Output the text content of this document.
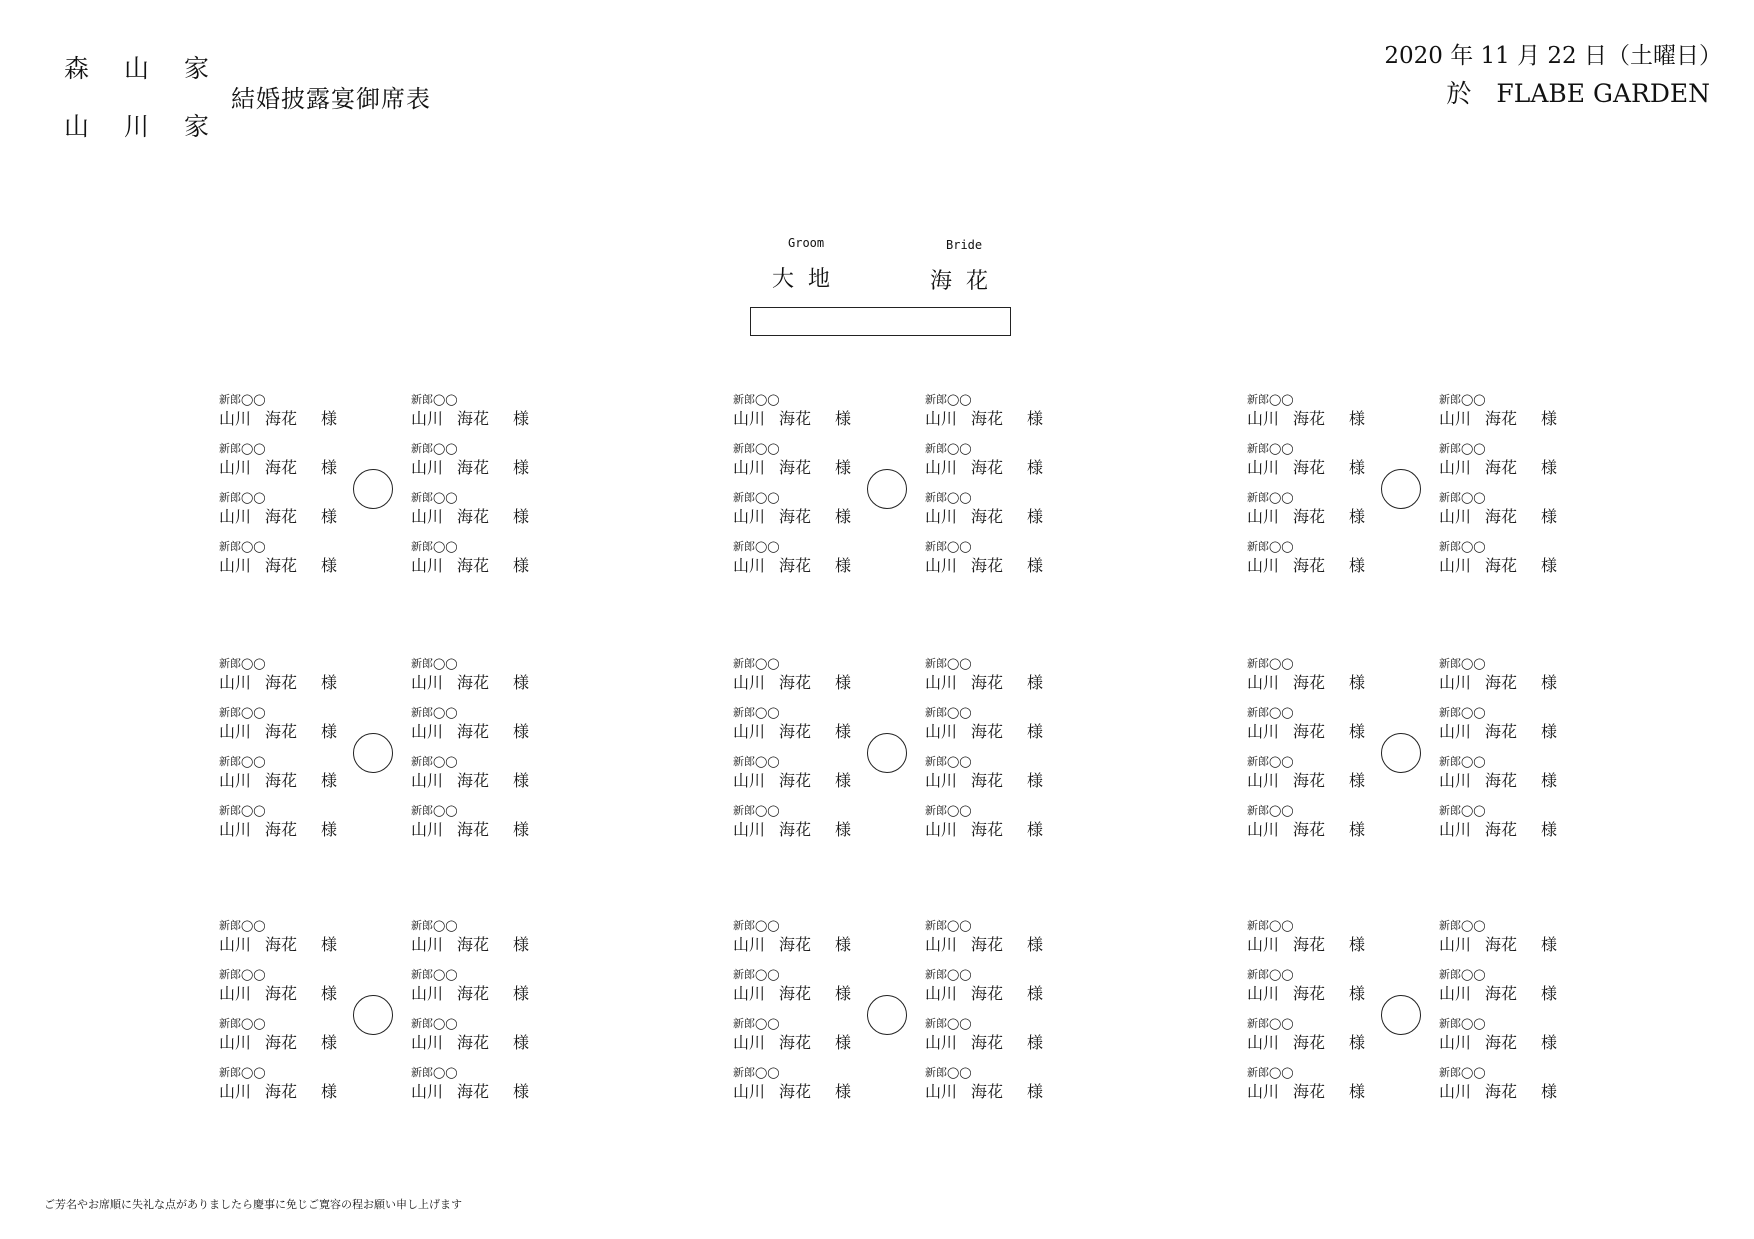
森	山	家
山	川	家
結婚披露宴御席表
2020 年 11 月 22 日（土曜日）
於　FLABE GARDEN
Groom	Bride
大地	海花
新郎◯◯
山川 海花 様
新郎◯◯
山川 海花 様
新郎◯◯
山川 海花 様
新郎◯◯
山川 海花 様
新郎◯◯
山川 海花 様
新郎◯◯
山川 海花 様
新郎◯◯
山川 海花 様
新郎◯◯
山川 海花 様
新郎◯◯
山川 海花 様
新郎◯◯
山川 海花 様
新郎◯◯
山川 海花 様
新郎◯◯
山川 海花 様
新郎◯◯
山川 海花 様
新郎◯◯
山川 海花 様
新郎◯◯
山川 海花 様
新郎◯◯
山川 海花 様
新郎◯◯
山川 海花 様
新郎◯◯
山川 海花 様
新郎◯◯
山川 海花 様
新郎◯◯
山川 海花 様
新郎◯◯
山川 海花 様
新郎◯◯
山川 海花 様
新郎◯◯
山川 海花 様
新郎◯◯
山川 海花 様
新郎◯◯
山川 海花 様
新郎◯◯
山川 海花 様
新郎◯◯
山川 海花 様
新郎◯◯
山川 海花 様
新郎◯◯
山川 海花 様
新郎◯◯
山川 海花 様
新郎◯◯
山川 海花 様
新郎◯◯
山川 海花 様
新郎◯◯
山川 海花 様
新郎◯◯
山川 海花 様
新郎◯◯
山川 海花 様
新郎◯◯
山川 海花 様
新郎◯◯
山川 海花 様
新郎◯◯
山川 海花 様
新郎◯◯
山川 海花 様
新郎◯◯
山川 海花 様
新郎◯◯
山川 海花 様
新郎◯◯
山川 海花 様
新郎◯◯
山川 海花 様
新郎◯◯
山川 海花 様
新郎◯◯
山川 海花 様
新郎◯◯
山川 海花 様
新郎◯◯
山川 海花 様
新郎◯◯
山川 海花 様
新郎◯◯
山川 海花 様
新郎◯◯
山川 海花 様
新郎◯◯
山川 海花 様
新郎◯◯
山川 海花 様
新郎◯◯
山川 海花 様
新郎◯◯
山川 海花 様
新郎◯◯
山川 海花 様
新郎◯◯
山川 海花 様
新郎◯◯
山川 海花 様
新郎◯◯
山川 海花 様
新郎◯◯
山川 海花 様
新郎◯◯
山川 海花 様
新郎◯◯
山川 海花 様
新郎◯◯
山川 海花 様
新郎◯◯
山川 海花 様
新郎◯◯
山川 海花 様
新郎◯◯
山川 海花 様
新郎◯◯
山川 海花 様
新郎◯◯
山川 海花 様
新郎◯◯
山川 海花 様
新郎◯◯
山川 海花 様
新郎◯◯
山川 海花 様
新郎◯◯
山川 海花 様
新郎◯◯
山川 海花 様
ご芳名やお席順に失礼な点がありましたら慶事に免じご寛容の程お願い申し上げます
